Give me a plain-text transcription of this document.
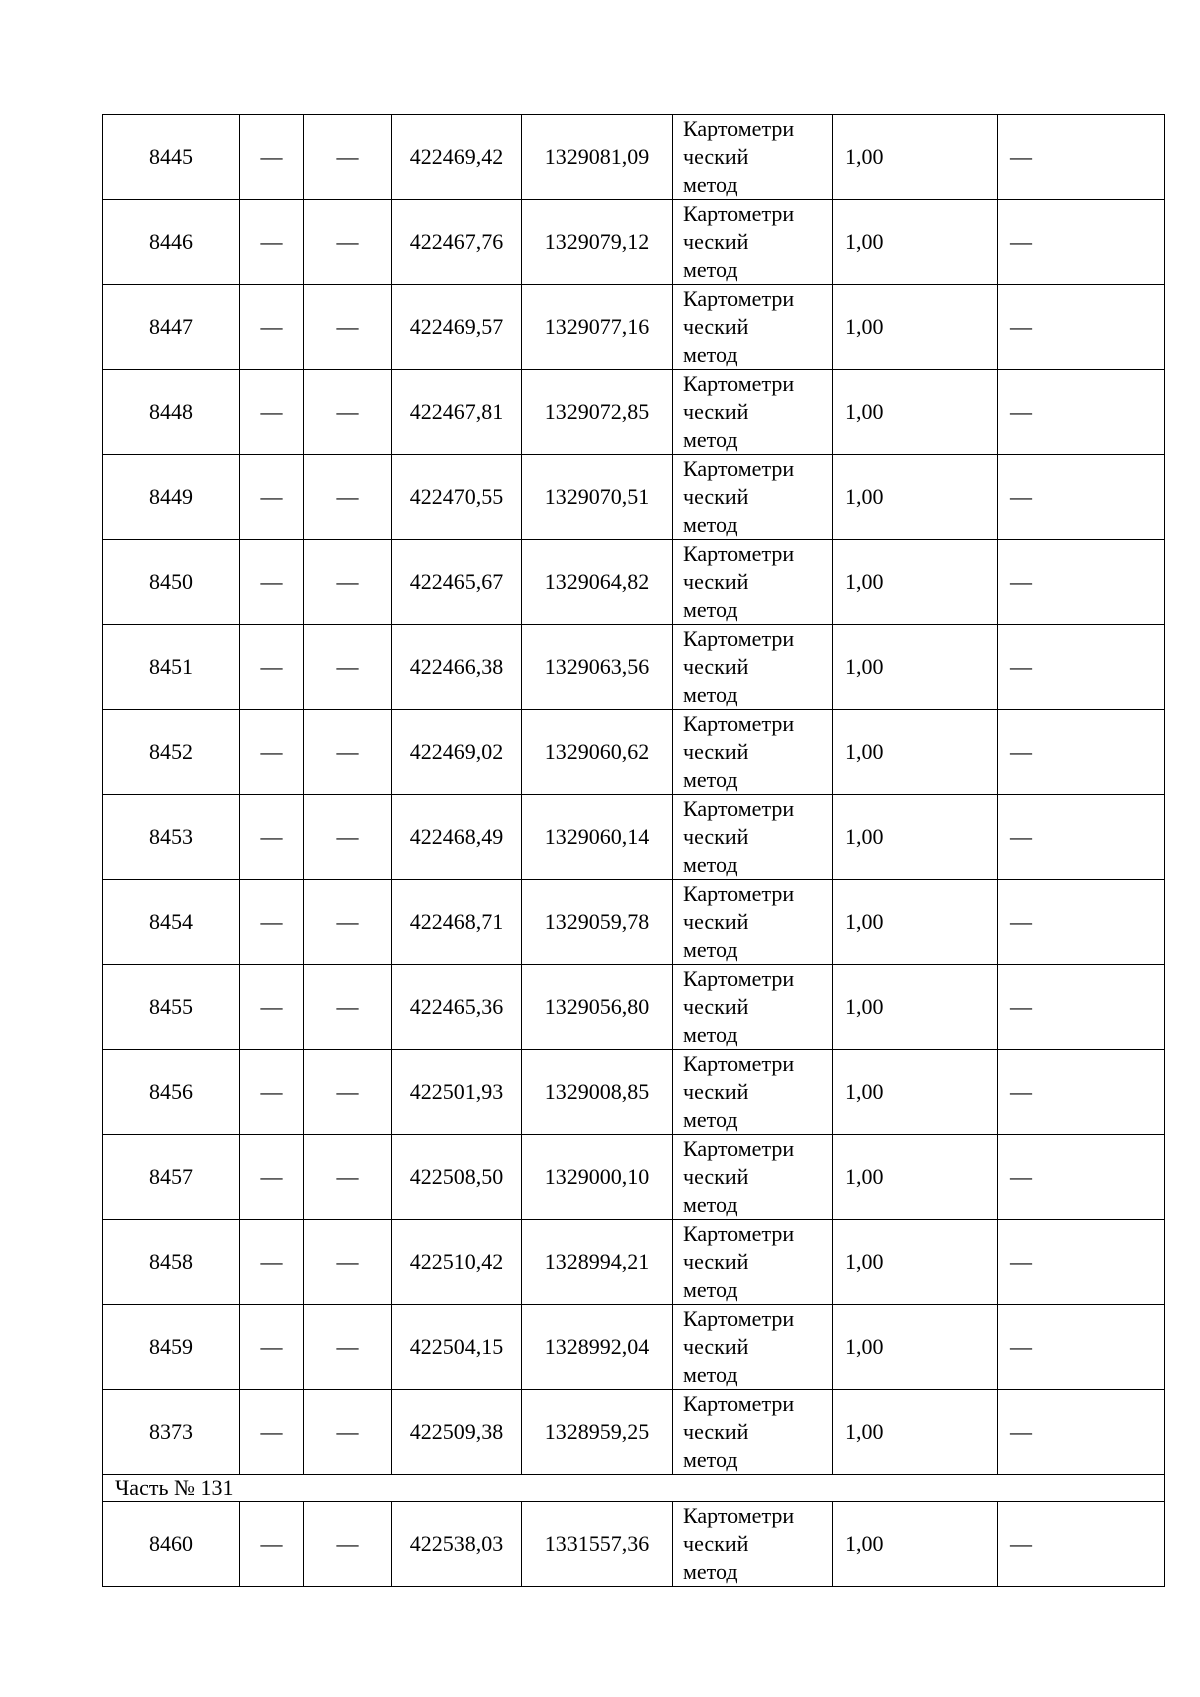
8445	—	—	422469,42	1329081,09	Картометри
ческий
метод	1,00	—
8446	—	—	422467,76	1329079,12	Картометри
ческий
метод	1,00	—
8447	—	—	422469,57	1329077,16	Картометри
ческий
метод	1,00	—
8448	—	—	422467,81	1329072,85	Картометри
ческий
метод	1,00	—
8449	—	—	422470,55	1329070,51	Картометри
ческий
метод	1,00	—
8450	—	—	422465,67	1329064,82	Картометри
ческий
метод	1,00	—
8451	—	—	422466,38	1329063,56	Картометри
ческий
метод	1,00	—
8452	—	—	422469,02	1329060,62	Картометри
ческий
метод	1,00	—
8453	—	—	422468,49	1329060,14	Картометри
ческий
метод	1,00	—
8454	—	—	422468,71	1329059,78	Картометри
ческий
метод	1,00	—
8455	—	—	422465,36	1329056,80	Картометри
ческий
метод	1,00	—
8456	—	—	422501,93	1329008,85	Картометри
ческий
метод	1,00	—
8457	—	—	422508,50	1329000,10	Картометри
ческий
метод	1,00	—
8458	—	—	422510,42	1328994,21	Картометри
ческий
метод	1,00	—
8459	—	—	422504,15	1328992,04	Картометри
ческий
метод	1,00	—
8373	—	—	422509,38	1328959,25	Картометри
ческий
метод	1,00	—
Часть № 131							
8460	—	—	422538,03	1331557,36	Картометри
ческий
метод	1,00	—
